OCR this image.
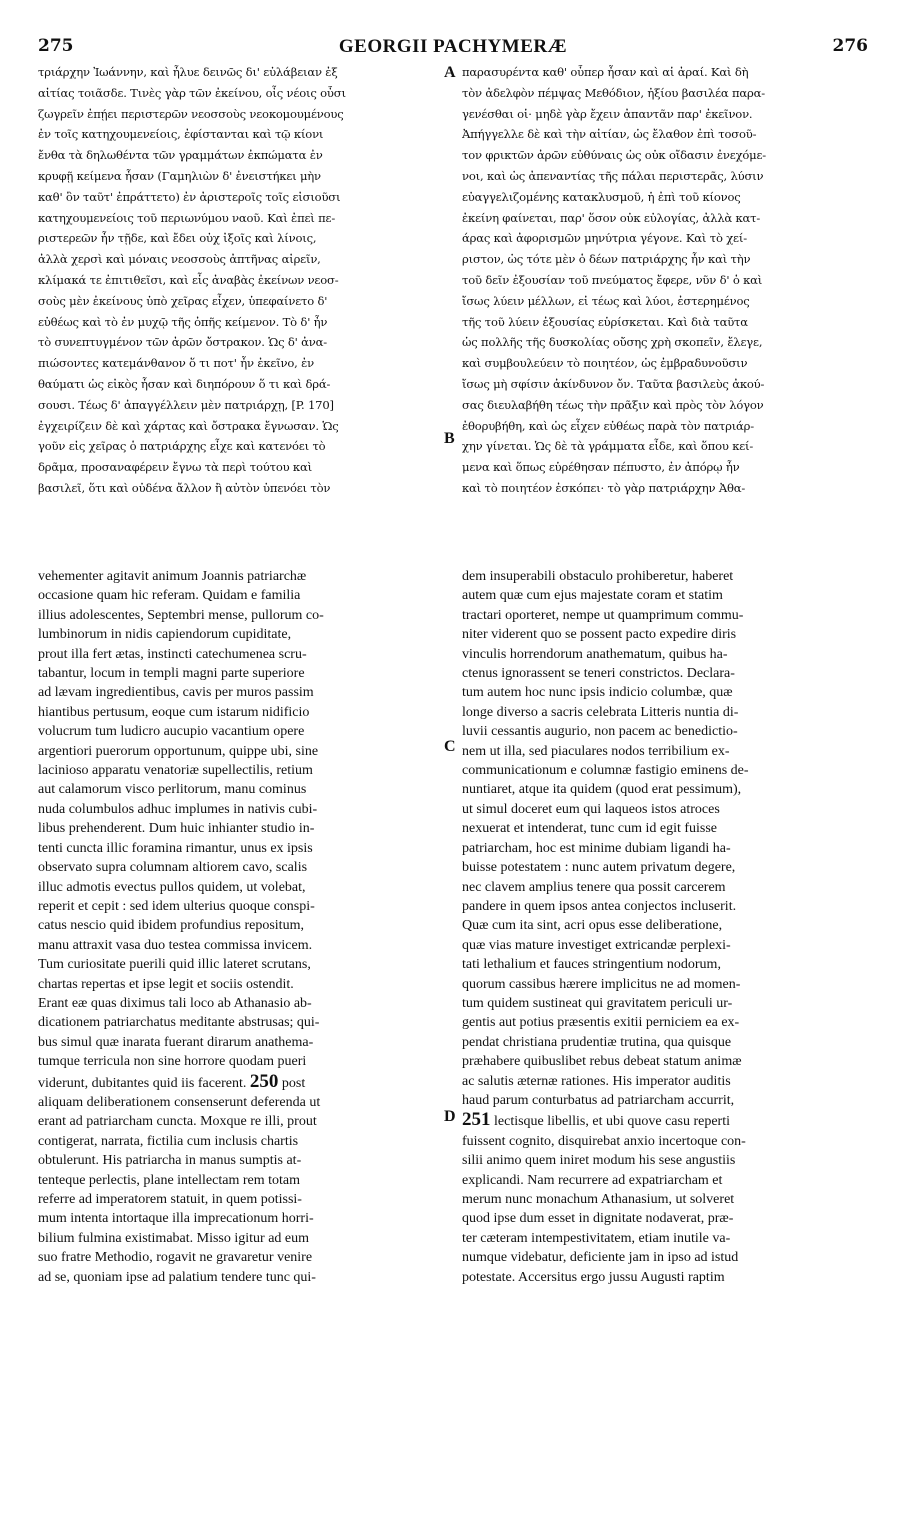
275	GEORGII PACHYMERÆ	276
τριάρχην Ἰωάννην, καὶ ἦλυε δεινῶς δι' εὐλάβειαν ἐξ
αἰτίας τοιᾶσδε. Τινὲς γὰρ τῶν ἐκείνου, οἷς νέοις οὖσι
ζωγρεῖν ἐπῄει περιστερῶν νεοσσοὺς νεοκομουμένους
ἐν τοῖς κατηχουμενείοις, ἐφίστανται καὶ τῷ κίονι
ἔνθα τὰ δηλωθέντα τῶν γραμμάτων ἐκπώματα ἐν
κρυφῇ κείμενα ἦσαν (Γαμηλιὼν δ' ἐνειστήκει μὴν
καθ' ὃν ταῦτ' ἐπράττετο) ἐν ἀριστεροῖς τοῖς εἰσιοῦσι
κατηχουμενείοις τοῦ περιωνύμου ναοῦ. Καὶ ἐπεὶ πε-
ριστερεῶν ἦν τῇδε, καὶ ἔδει οὐχ ἰξοῖς καὶ λίνοις,
ἀλλὰ χερσὶ καὶ μόναις νεοσσοὺς ἀπτῆνας αἱρεῖν,
κλίμακά τε ἐπιτιθεῖσι, καὶ εἷς ἀναβὰς ἐκείνων νεοσ-
σοὺς μὲν ἐκείνους ὑπὸ χεῖρας εἶχεν, ὑπεφαίνετο δ'
εὐθέως καὶ τὸ ἐν μυχῷ τῆς ὀπῆς κείμενον. Τὸ δ' ἦν
τὸ συνεπτυγμένον τῶν ἀρῶν ὄστρακον. Ὡς δ' ἀνα-
πιώσοντες κατεμάνθανον ὅ τι ποτ' ἦν ἐκεῖνο, ἐν
θαύματι ὡς εἰκὸς ἦσαν καὶ διηπόρουν ὅ τι καὶ δρά-
σουσι. Τέως δ' ἀπαγγέλλειν μὲν πατριάρχῃ, [P. 170]
ἐγχειρίζειν δὲ καὶ χάρτας καὶ ὄστρακα ἔγνωσαν. Ὡς
γοῦν εἰς χεῖρας ὁ πατριάρχης εἶχε καὶ κατενόει τὸ
δρᾶμα, προσαναφέρειν ἔγνω τὰ περὶ τούτου καὶ
βασιλεῖ, ὅτι καὶ οὐδένα ἄλλον ἢ αὐτὸν ὑπενόει τὸν
παρασυρέντα καθ' οὗπερ ἦσαν καὶ αἱ ἀραί. Καὶ δὴ
τὸν ἀδελφὸν πέμψας Μεθόδιον, ἠξίου βασιλέα παρα-
γενέσθαι οἱ· μηδὲ γὰρ ἔχειν ἀπαντᾶν παρ' ἐκεῖνον.
Ἀπήγγελλε δὲ καὶ τὴν αἰτίαν, ὡς ἔλαθον ἐπὶ τοσοῦ-
τον φρικτῶν ἀρῶν εὐθύναις ὡς οὐκ οἴδασιν ἐνεχόμε-
νοι, καὶ ὡς ἀπεναντίας τῆς πάλαι περιστερᾶς, λύσιν
εὐαγγελιζομένης κατακλυσμοῦ, ἡ ἐπὶ τοῦ κίονος
ἐκείνη φαίνεται, παρ' ὅσον οὐκ εὐλογίας, ἀλλὰ κατ-
άρας καὶ ἀφορισμῶν μηνύτρια γέγονε. Καὶ τὸ χεί-
ριστον, ὡς τότε μὲν ὁ δέων πατριάρχης ἦν καὶ τὴν
τοῦ δεῖν ἐξουσίαν τοῦ πνεύματος ἔφερε, νῦν δ' ὁ καὶ
ἴσως λύειν μέλλων, εἰ τέως καὶ λύοι, ἐστερημένος
τῆς τοῦ λύειν ἐξουσίας εὑρίσκεται. Καὶ διὰ ταῦτα
ὡς πολλῆς τῆς δυσκολίας οὔσης χρὴ σκοπεῖν, ἔλεγε,
καὶ συμβουλεύειν τὸ ποιητέον, ὡς ἐμβραδυνοῦσιν
ἴσως μὴ σφίσιν ἀκίνδυνον ὄν. Ταῦτα βασιλεὺς ἀκού-
σας διευλαβήθη τέως τὴν πρᾶξιν καὶ πρὸς τὸν λόγον
ἐθορυβήθη, καὶ ὡς εἶχεν εὐθέως παρὰ τὸν πατριάρ-
χην γίνεται. Ὡς δὲ τὰ γράμματα εἶδε, καὶ ὅπου κεί-
μενα καὶ ὅπως εὑρέθησαν πέπυστο, ἐν ἀπόρῳ ἦν
καὶ τὸ ποιητέον ἐσκόπει· τὸ γὰρ πατριάρχην Ἀθα-
A
B
C
D
vehementer agitavit animum Joannis patriarchæ
occasione quam hic referam. Quidam e familia
illius adolescentes, Septembri mense, pullorum co-
lumbinorum in nidis capiendorum cupiditate,
prout illa fert ætas, instincti catechumenea scru-
tabantur, locum in templi magni parte superiore
ad lævam ingredientibus, cavis per muros passim
hiantibus pertusum, eoque cum istarum nidificio
volucrum tum ludicro aucupio vacantium opere
argentiori puerorum opportunum, quippe ubi, sine
lacinioso apparatu venatoriæ supellectilis, retium
aut calamorum visco perlitorum, manu cominus
nuda columbulos adhuc implumes in nativis cubi-
libus prehenderent. Dum huic inhianter studio in-
tenti cuncta illic foramina rimantur, unus ex ipsis
observato supra columnam altiorem cavo, scalis
illuc admotis evectus pullos quidem, ut volebat,
reperit et cepit : sed idem ulterius quoque conspi-
catus nescio quid ibidem profundius repositum,
manu attraxit vasa duo testea commissa invicem.
Tum curiositate puerili quid illic lateret scrutans,
chartas repertas et ipse legit et sociis ostendit.
Erant eæ quas diximus tali loco ab Athanasio ab-
dicationem patriarchatus meditante abstrusas; qui-
bus simul quæ inarata fuerant dirarum anathema-
tumque terricula non sine horrore quodam pueri
viderunt, dubitantes quid iis facerent. 250 post
aliquam deliberationem consenserunt deferenda ut
erant ad patriarcham cuncta. Moxque re illi, prout
contigerat, narrata, fictilia cum inclusis chartis
obtulerunt. His patriarcha in manus sumptis at-
tenteque perlectis, plane intellectam rem totam
referre ad imperatorem statuit, in quem potissi-
mum intenta intortaque illa imprecationum horri-
bilium fulmina existimabat. Misso igitur ad eum
suo fratre Methodio, rogavit ne gravaretur venire
ad se, quoniam ipse ad palatium tendere tunc qui-
dem insuperabili obstaculo prohiberetur, haberet
autem quæ cum ejus majestate coram et statim
tractari oporteret, nempe ut quamprimum commu-
niter viderent quo se possent pacto expedire diris
vinculis horrendorum anathematum, quibus ha-
ctenus ignorassent se teneri constrictos. Declara-
tum autem hoc nunc ipsis indicio columbæ, quæ
longe diverso a sacris celebrata Litteris nuntia di-
luvii cessantis augurio, non pacem ac benedictio-
nem ut illa, sed piaculares nodos terribilium ex-
communicationum e columnæ fastigio eminens de-
nuntiaret, atque ita quidem (quod erat pessimum),
ut simul doceret eum qui laqueos istos atroces
nexuerat et intenderat, tunc cum id egit fuisse
patriarcham, hoc est minime dubiam ligandi ha-
buisse potestatem : nunc autem privatum degere,
nec clavem amplius tenere qua possit carcerem
pandere in quem ipsos antea conjectos incluserit.
Quæ cum ita sint, acri opus esse deliberatione,
quæ vias mature investiget extricandæ perplexi-
tati lethalium et fauces stringentium nodorum,
quorum cassibus hærere implicitus ne ad momen-
tum quidem sustineat qui gravitatem periculi ur-
gentis aut potius præsentis exitii perniciem ea ex-
pendat christiana prudentiæ trutina, qua quisque
præhabere quibuslibet rebus debeat statum animæ
ac salutis æternæ rationes. His imperator auditis
haud parum conturbatus ad patriarcham accurrit,
251 lectisque libellis, et ubi quove casu reperti
fuissent cognito, disquirebat anxio incertoque con-
silii animo quem iniret modum his sese angustiis
explicandi. Nam recurrere ad expatriarcham et
merum nunc monachum Athanasium, ut solveret
quod ipse dum esset in dignitate nodaverat, præ-
ter cæteram intempestivitatem, etiam inutile va-
numque videbatur, deficiente jam in ipso ad istud
potestate. Accersitus ergo jussu Augusti raptim
